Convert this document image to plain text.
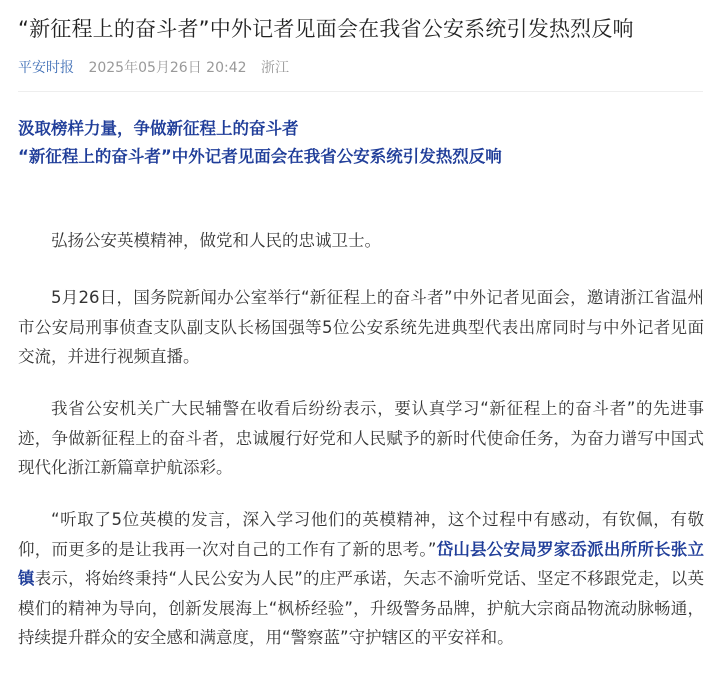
“新征程上的奋斗者”中外记者见面会在我省公安系统引发热烈反响
平安时报 2025年05月26日 20:42 浙江

汲取榜样力量，争做新征程上的奋斗者

“新征程上的奋斗者”中外记者见面会在我省公安系统引发热烈反响

弘扬公安英模精神，做党和人民的忠诚卫士。

5月26日，国务院新闻办公室举行“新征程上的奋斗者”中外记者见面会，邀请浙江省温州市公安局刑事侦查支队副支队长杨国强等5位公安系统先进典型代表出席同时与中外记者见面交流，并进行视频直播。

我省公安机关广大民辅警在收看后纷纷表示，要认真学习“新征程上的奋斗者”的先进事迹，争做新征程上的奋斗者，忠诚履行好党和人民赋予的新时代使命任务，为奋力谱写中国式现代化浙江新篇章护航添彩。

“听取了5位英模的发言，深入学习他们的英模精神，这个过程中有感动，有钦佩，有敬仰，而更多的是让我再一次对自己的工作有了新的思考。”岱山县公安局罗家岙派出所所长张立镇表示，将始终秉持“人民公安为人民”的庄严承诺，矢志不渝听党话、坚定不移跟党走，以英模们的精神为导向，创新发展海上“枫桥经验”，升级警务品牌，护航大宗商品物流动脉畅通，持续提升群众的安全感和满意度，用“警察蓝”守护辖区的平安祥和。
